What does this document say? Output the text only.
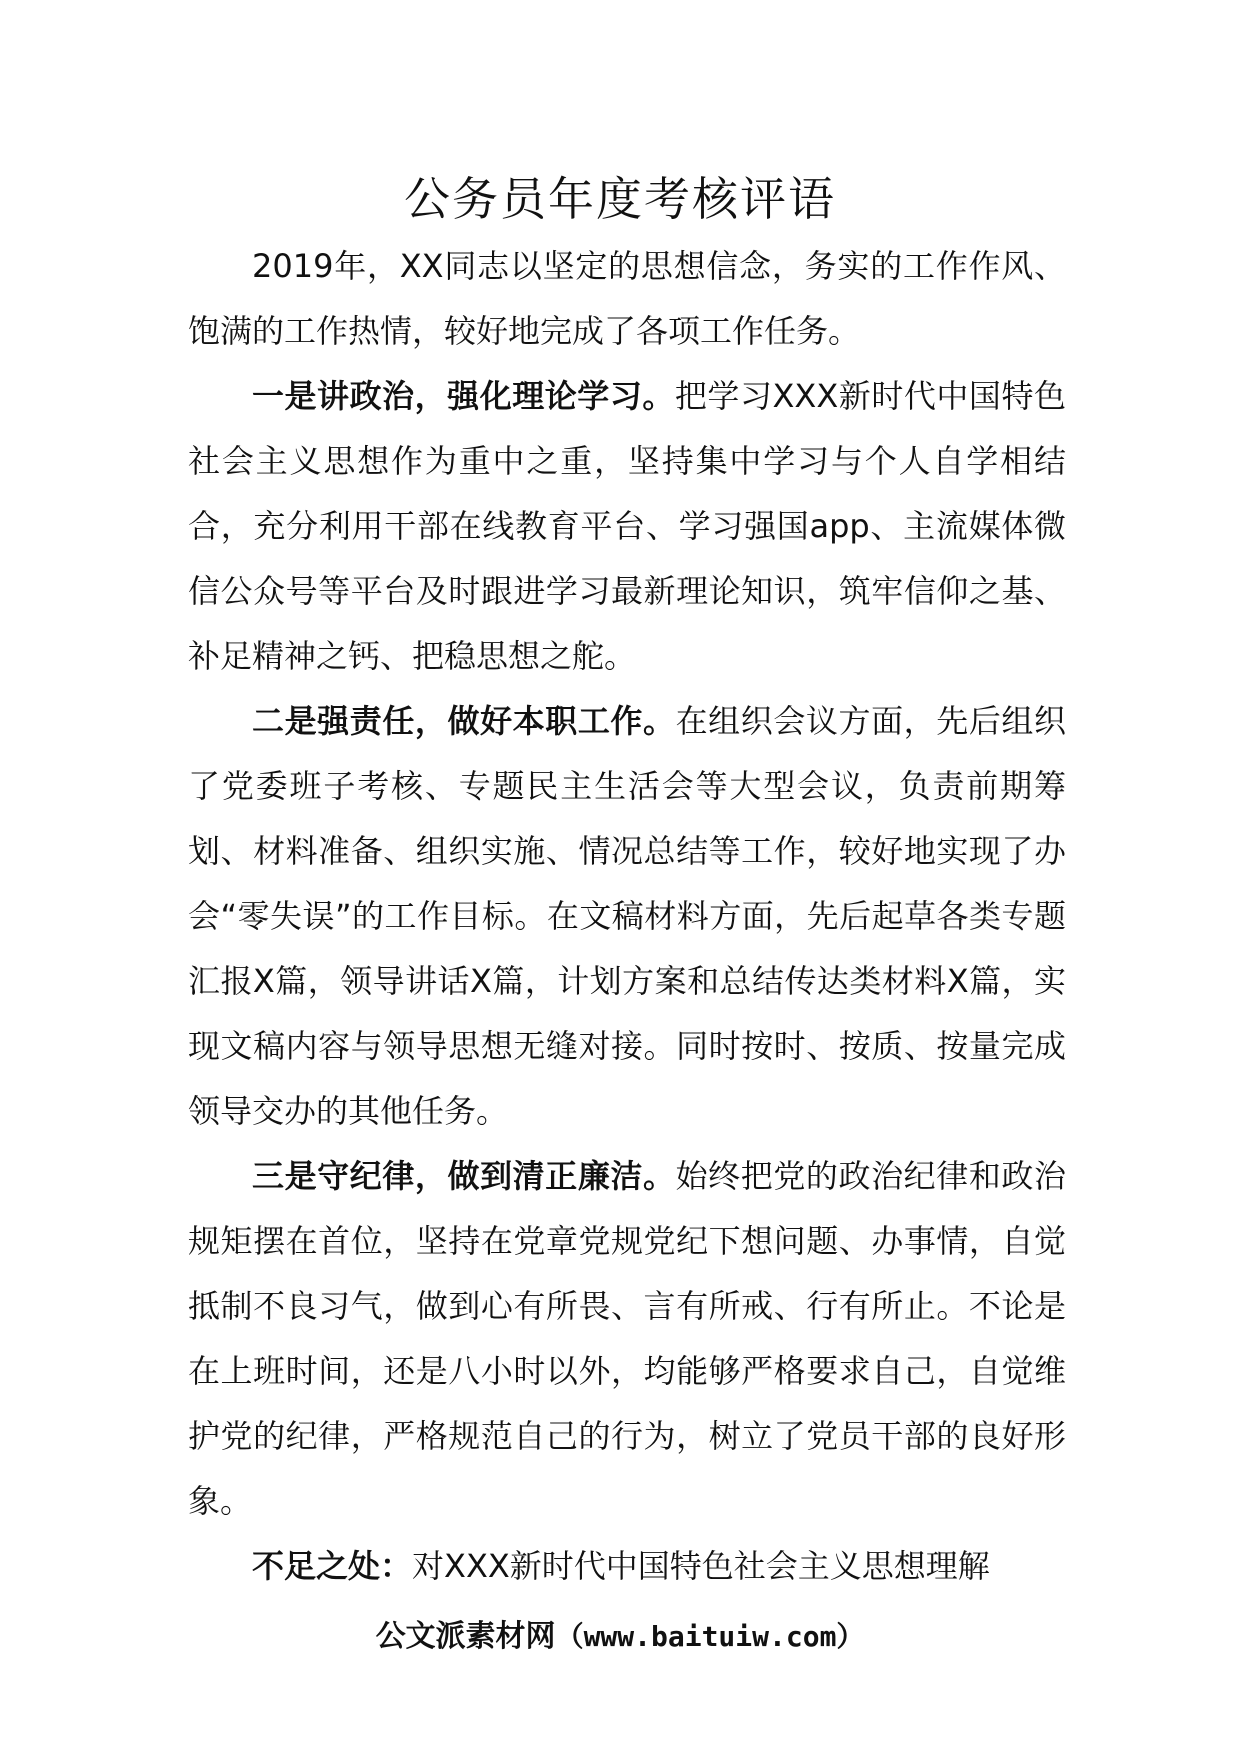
公务员年度考核评语

2019年，XX同志以坚定的思想信念，务实的工作作风、饱满的工作热情，较好地完成了各项工作任务。

一是讲政治，强化理论学习。把学习XXX新时代中国特色社会主义思想作为重中之重，坚持集中学习与个人自学相结合，充分利用干部在线教育平台、学习强国app、主流媒体微信公众号等平台及时跟进学习最新理论知识，筑牢信仰之基、补足精神之钙、把稳思想之舵。

二是强责任，做好本职工作。在组织会议方面，先后组织了党委班子考核、专题民主生活会等大型会议，负责前期筹划、材料准备、组织实施、情况总结等工作，较好地实现了办会“零失误”的工作目标。在文稿材料方面，先后起草各类专题汇报X篇，领导讲话X篇，计划方案和总结传达类材料X篇，实现文稿内容与领导思想无缝对接。同时按时、按质、按量完成领导交办的其他任务。

三是守纪律，做到清正廉洁。始终把党的政治纪律和政治规矩摆在首位，坚持在党章党规党纪下想问题、办事情，自觉抵制不良习气，做到心有所畏、言有所戒、行有所止。不论是在上班时间，还是八小时以外，均能够严格要求自己，自觉维护党的纪律，严格规范自己的行为，树立了党员干部的良好形象。

不足之处：对XXX新时代中国特色社会主义思想理解

公文派素材网（www.baituiw.com）
